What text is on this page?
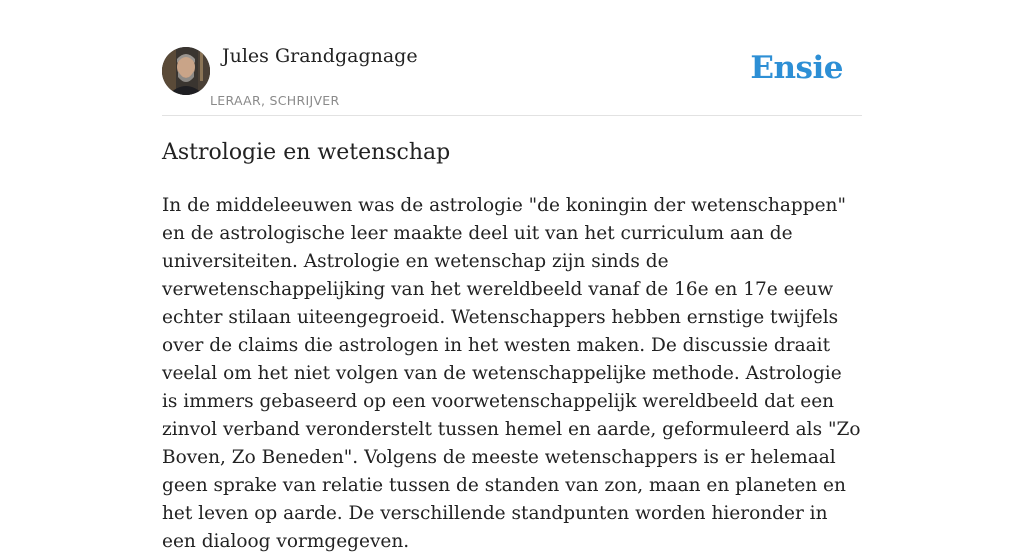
Jules Grandgagnage
LERAAR, SCHRIJVER
Ensie
Astrologie en wetenschap

In de middeleeuwen was de astrologie "de koningin der wetenschappen" en de astrologische leer maakte deel uit van het curriculum aan de universiteiten. Astrologie en wetenschap zijn sinds de verwetenschappelijking van het wereldbeeld vanaf de 16e en 17e eeuw echter stilaan uiteengegroeid. Wetenschappers hebben ernstige twijfels over de claims die astrologen in het westen maken. De discussie draait veelal om het niet volgen van de wetenschappelijke methode. Astrologie is immers gebaseerd op een voorwetenschappelijk wereldbeeld dat een zinvol verband veronderstelt tussen hemel en aarde, geformuleerd als "Zo Boven, Zo Beneden". Volgens de meeste wetenschappers is er helemaal geen sprake van relatie tussen de standen van zon, maan en planeten en het leven op aarde. De verschillende standpunten worden hieronder in een dialoog vormgegeven.
